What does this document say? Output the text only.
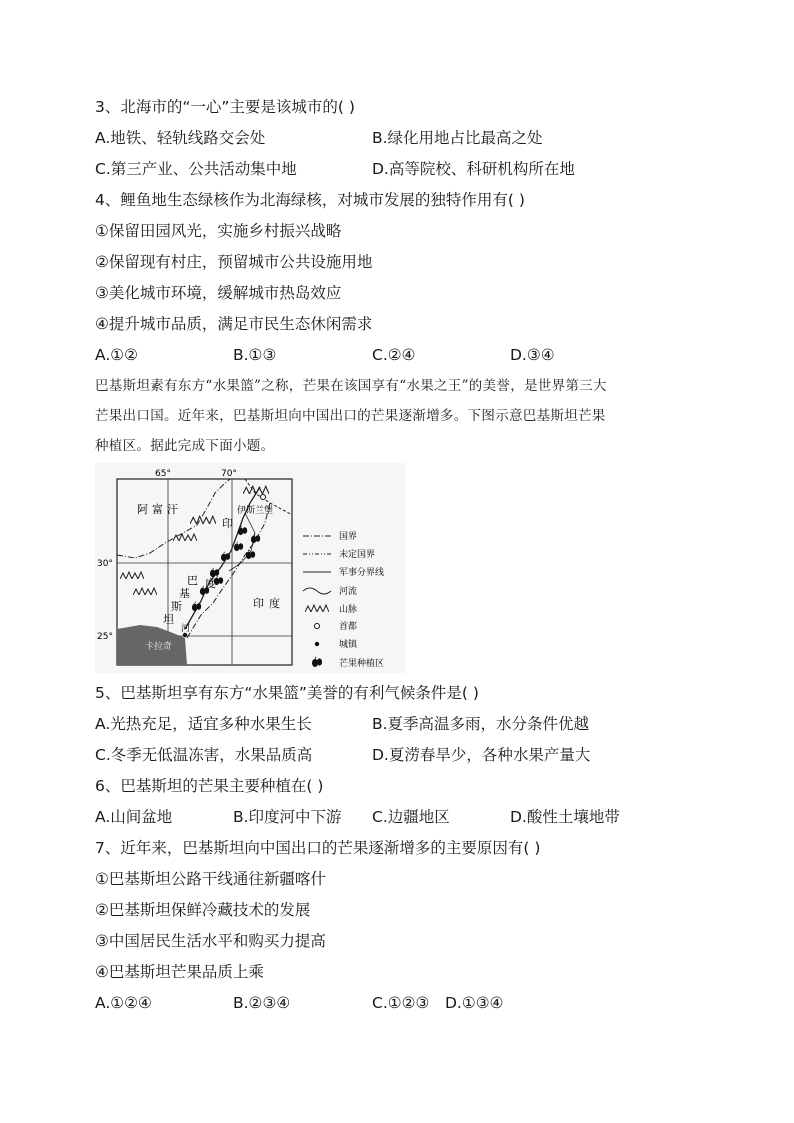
3、北海市的“一心”主要是该城市的( )
A.地铁、轻轨线路交会处	B.绿化用地占比最高之处
C.第三产业、公共活动集中地	D.高等院校、科研机构所在地
4、鲤鱼地生态绿核作为北海绿核，对城市发展的独特作用有( )
①保留田园风光，实施乡村振兴战略
②保留现有村庄，预留城市公共设施用地
③美化城市环境，缓解城市热岛效应
④提升城市品质，满足市民生态休闲需求
A.①②	B.①③	C.②④	D.③④
巴基斯坦素有东方“水果篮”之称，芒果在该国享有“水果之王”的美誉，是世界第三大
芒果出口国。近年来，巴基斯坦向中国出口的芒果逐渐增多。下图示意巴基斯坦芒果
种植区。据此完成下面小题。
65°	70°
30°
25°
阿富汗	伊斯兰堡
印
度
巴
基
斯
坦
印度
河
卡拉奇
国界
未定国界
军事分界线
河流
山脉
首都
城镇
芒果种植区
5、巴基斯坦享有东方“水果篮”美誉的有利气候条件是( )
A.光热充足，适宜多种水果生长	B.夏季高温多雨，水分条件优越
C.冬季无低温冻害，水果品质高	D.夏涝春旱少，各种水果产量大
6、巴基斯坦的芒果主要种植在( )
A.山间盆地	B.印度河中下游 C.边疆地区	D.酸性土壤地带
7、近年来，巴基斯坦向中国出口的芒果逐渐增多的主要原因有( )
①巴基斯坦公路干线通往新疆喀什
②巴基斯坦保鲜冷藏技术的发展
③中国居民生活水平和购买力提高
④巴基斯坦芒果品质上乘
A.①②④	B.②③④	C.①②③ D.①③④
